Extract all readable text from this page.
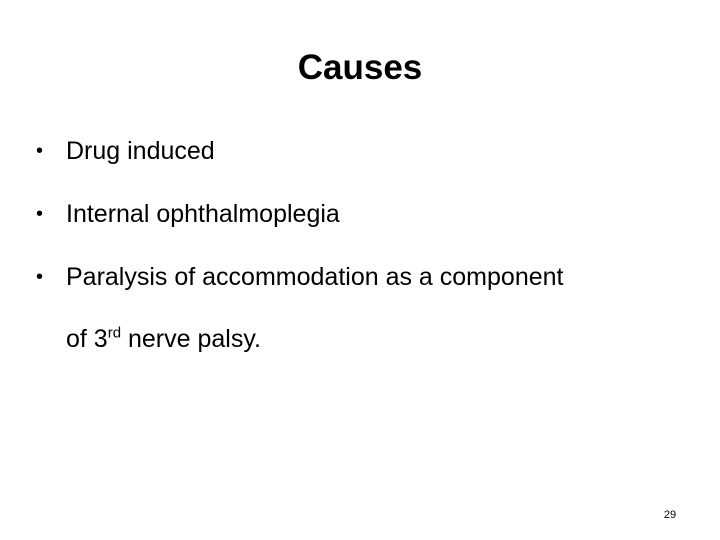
Causes
• Drug induced
• Internal ophthalmoplegia
• Paralysis of accommodation as a component
of 3rd nerve palsy.
29
